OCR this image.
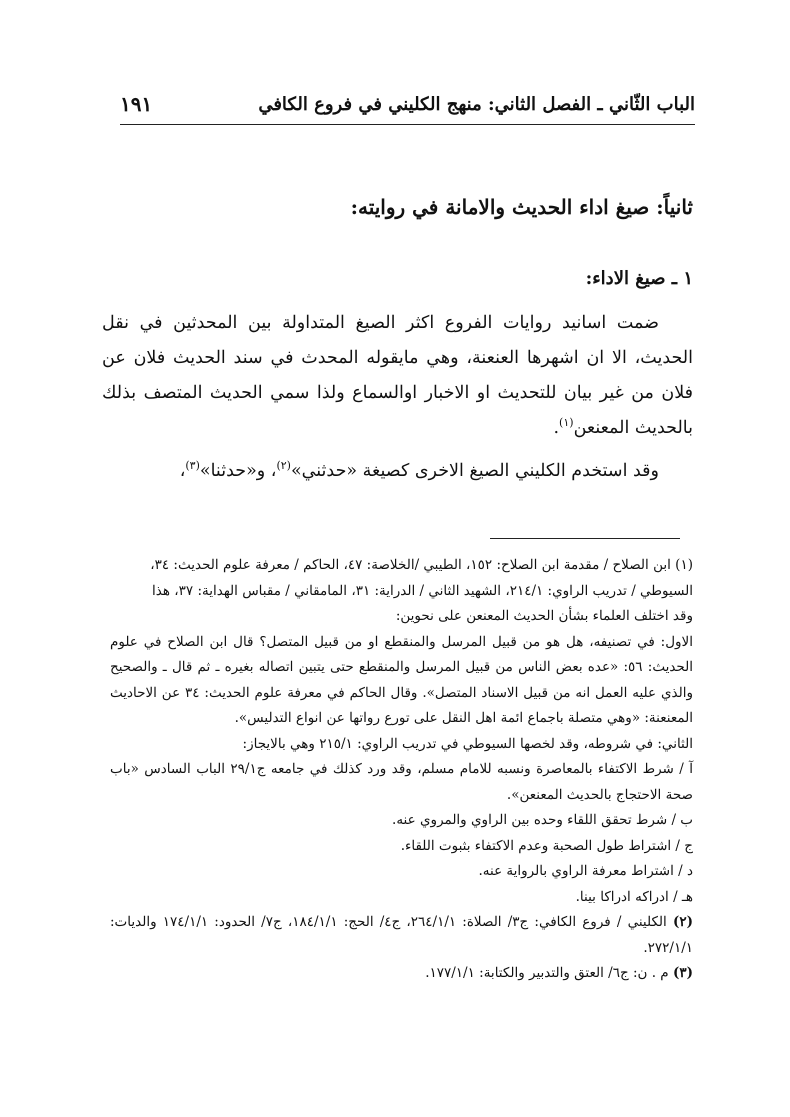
الباب الثّاني ـ الفصل الثاني: منهج الكليني في فروع الكافي
١٩١
ثانياً: صيغ اداء الحديث والامانة في روايته:
١ ـ صيغ الاداء:

ضمت اسانيد روايات الفروع اكثر الصيغ المتداولة بين المحدثين في نقل الحديث، الا ان اشهرها العنعنة، وهي مايقوله المحدث في سند الحديث فلان عن فلان من غير بيان للتحديث او الاخبار اوالسماع ولذا سمي الحديث المتصف بذلك بالحديث المعنعن$^{(١)}$.

وقد استخدم الكليني الصيغ الاخرى كصيغة «حدثني»$^{(٢)}$، و«حدثنا»$^{(٣)}$،

(١) ابن الصلاح / مقدمة ابن الصلاح: ١٥٢، الطيبي /الخلاصة: ٤٧، الحاكم / معرفة علوم الحديث: ٣٤،

السيوطي / تدريب الراوي: ٢١٤/١، الشهيد الثاني / الدراية: ٣١، المامقاني / مقباس الهداية: ٣٧، هذا

وقد اختلف العلماء بشأن الحديث المعنعن على نحوين:

الاول: في تصنيفه، هل هو من قبيل المرسل والمنقطع او من قبيل المتصل؟ قال ابن الصلاح في علوم الحديث: ٥٦: «عده بعض الناس من قبيل المرسل والمنقطع حتى يتبين اتصاله بغيره ـ ثم قال ـ والصحيح والذي عليه العمل انه من قبيل الاسناد المتصل». وقال الحاكم في معرفة علوم الحديث: ٣٤ عن الاحاديث المعنعنة: «وهي متصلة باجماع ائمة اهل النقل على تورع رواتها عن انواع التدليس».

الثاني: في شروطه، وقد لخصها السيوطي في تدريب الراوي: ٢١٥/١ وهي بالايجاز:

آ / شرط الاكتفاء بالمعاصرة ونسبه للامام مسلم، وقد ورد كذلك في جامعه ج٢٩/١ الباب السادس «باب صحة الاحتجاج بالحديث المعنعن».

ب / شرط تحقق اللقاء وحده بين الراوي والمروي عنه.

ج / اشتراط طول الصحبة وعدم الاكتفاء بثبوت اللقاء.

د / اشتراط معرفة الراوي بالرواية عنه.

هـ / ادراكه ادراكا بينا.

(٢) الكليني / فروع الكافي: ج٣/ الصلاة: ٢٦٤/١/١، ج٤/ الحج: ١٨٤/١/١، ج٧/ الحدود: ١٧٤/١/١ والديات: ٢٧٢/١/١.

(٣) م . ن: ج٦/ العتق والتدبير والكتابة: ١٧٧/١/١.
